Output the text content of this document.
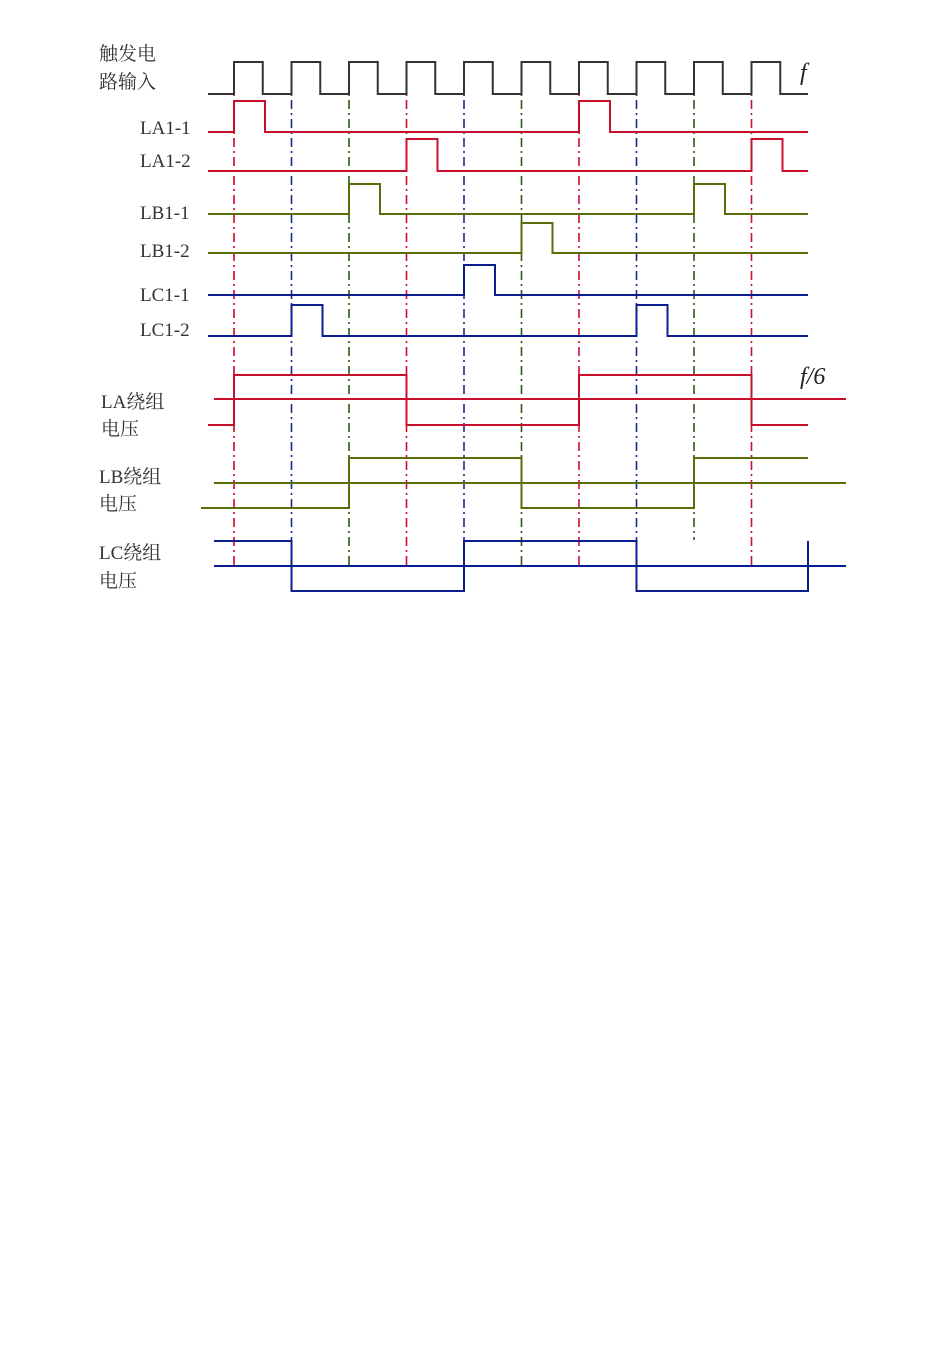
触发电
路输入	f
LA1-1
LA1-2
LB1-1
LB1-2
LC1-1
LC1-2
f/6
LA绕组
电压
LB绕组
电压
LC绕组
电压
